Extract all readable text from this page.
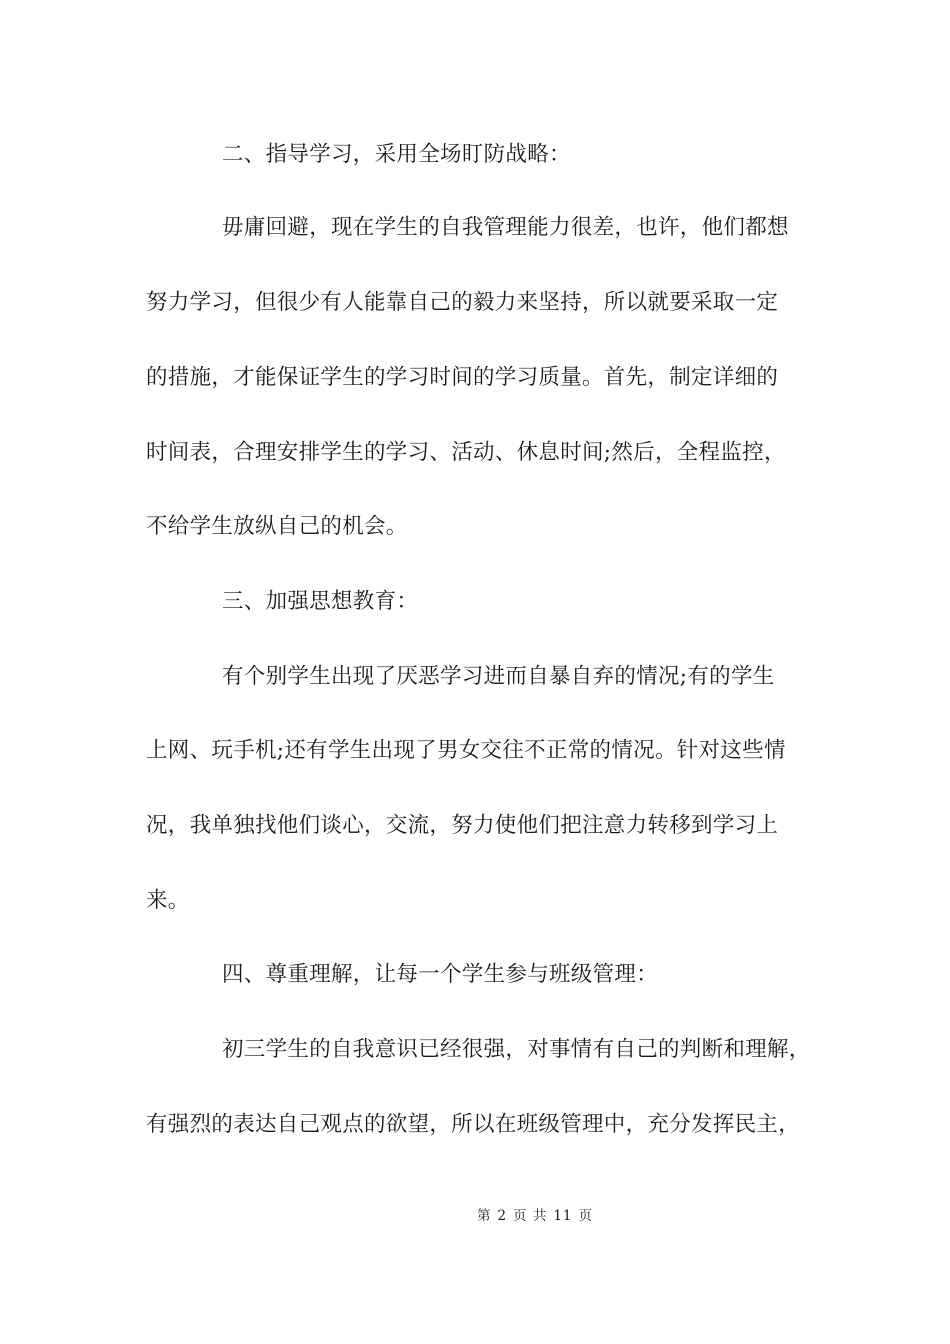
二、指导学习，采用全场盯防战略：
毋庸回避，现在学生的自我管理能力很差，也许，他们都想
努力学习，但很少有人能靠自己的毅力来坚持，所以就要采取一定
的措施，才能保证学生的学习时间的学习质量。首先，制定详细的
时间表，合理安排学生的学习、活动、休息时间;然后，全程监控，
不给学生放纵自己的机会。
三、加强思想教育：
有个别学生出现了厌恶学习进而自暴自弃的情况;有的学生
上网、玩手机;还有学生出现了男女交往不正常的情况。针对这些情
况，我单独找他们谈心，交流，努力使他们把注意力转移到学习上
来。
四、尊重理解，让每一个学生参与班级管理：
初三学生的自我意识已经很强，对事情有自己的判断和理解，
有强烈的表达自己观点的欲望，所以在班级管理中，充分发挥民主，
第 2 页 共 11 页
